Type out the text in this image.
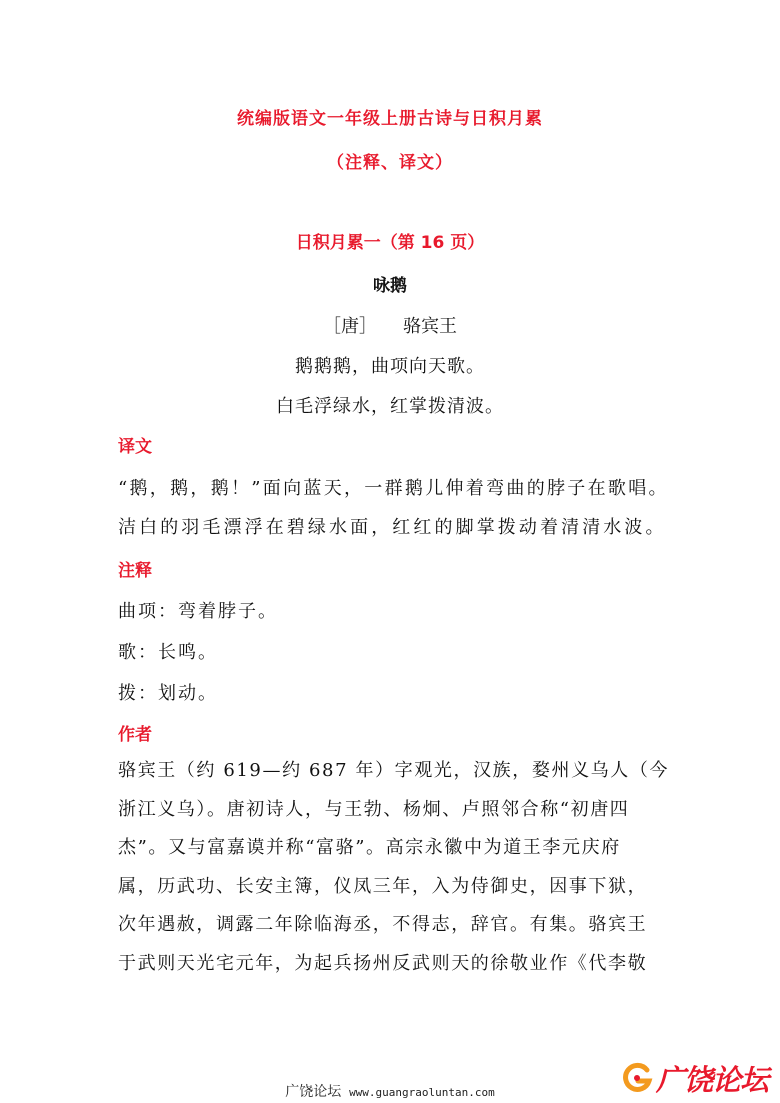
统编版语文一年级上册古诗与日积月累
（注释、译文）
日积月累一（第 16 页）
咏鹅
［唐］ 骆宾王
鹅鹅鹅，曲项向天歌。
白毛浮绿水，红掌拨清波。
译文
“鹅，鹅，鹅！”面向蓝天，一群鹅儿伸着弯曲的脖子在歌唱。
洁白的羽毛漂浮在碧绿水面，红红的脚掌拨动着清清水波。
注释
曲项：弯着脖子。
歌：长鸣。
拨：划动。
作者
骆宾王（约 619—约 687 年）字观光，汉族，婺州义乌人（今
浙江义乌）。唐初诗人，与王勃、杨炯、卢照邻合称“初唐四
杰”。又与富嘉谟并称“富骆”。高宗永徽中为道王李元庆府
属，历武功、长安主簿，仪凤三年，入为侍御史，因事下狱，
次年遇赦，调露二年除临海丞，不得志，辞官。有集。骆宾王
于武则天光宅元年，为起兵扬州反武则天的徐敬业作《代李敬
广饶论坛 www.guangraoluntan.com	广饶论坛
